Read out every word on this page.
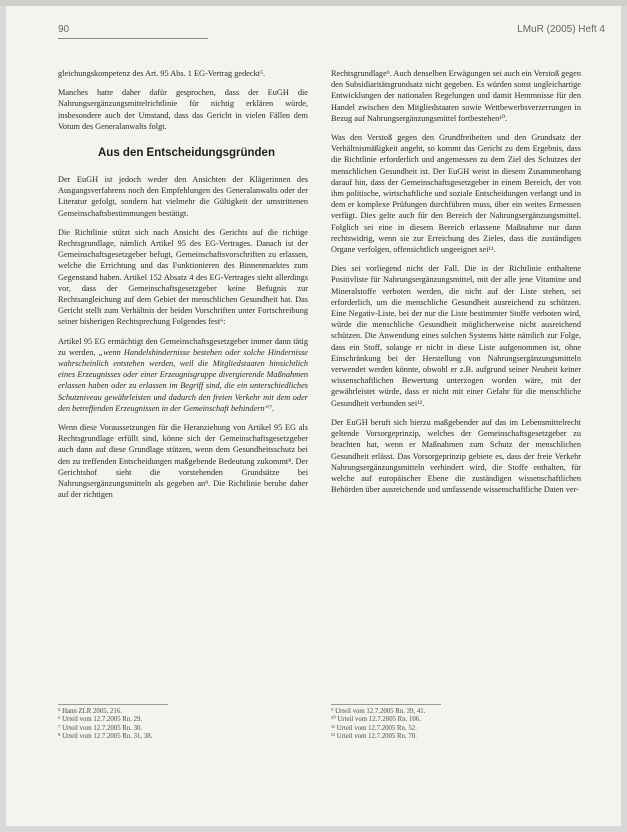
90	LMuR (2005) Heft 4

gleichungskompetenz des Art. 95 Abs. 1 EG-Vertrag gedeckt⁵.

Manches hatte daher dafür gesprochen, dass der EuGH die Nahrungsergänzungsmittelrichtlinie für nichtig erklären würde, insbesondere auch der Umstand, dass das Gericht in vielen Fällen dem Votum des Generalanwalts folgt.

Aus den Entscheidungsgründen

Der EuGH ist jedoch weder den Ansichten der Klägerinnen des Ausgangsverfahrens noch den Empfehlungen des Generalanwalts oder der Literatur gefolgt, sondern hat vielmehr die Gültigkeit der umstrittenen Gemeinschaftsbestimmungen bestätigt.

Die Richtlinie stützt sich nach Ansicht des Gerichts auf die richtige Rechtsgrundlage, nämlich Artikel 95 des EG-Vertrages. Danach ist der Gemeinschaftsgesetzgeber befugt, Gemeinschaftsvorschriften zu erlassen, welche die Errichtung und das Funktionieren des Binnenmarktes zum Gegenstand haben. Artikel 152 Absatz 4 des EG-Vertrages sieht allerdings vor, dass der Gemeinschaftsgesetzgeber keine Befugnis zur Rechtsangleichung auf dem Gebiet der menschlichen Gesundheit hat. Das Gericht stellt zum Verhältnis der beiden Vorschriften unter Fortschreibung seiner bisherigen Rechtsprechung Folgendes fest⁶:

Artikel 95 EG ermächtigt den Gemeinschaftsgesetzgeber immer dann tätig zu werden, „wenn Handelshindernisse bestehen oder solche Hindernisse wahrscheinlich entstehen werden, weil die Mitgliedstaaten hinsichtlich eines Erzeugnisses oder einer Erzeugnisgruppe divergierende Maßnahmen erlassen haben oder zu erlassen im Begriff sind, die ein unterschiedliches Schutzniveau gewährleisten und dadurch den freien Verkehr mit dem oder den betreffenden Erzeugnissen in der Gemeinschaft behindern“⁷.

Wenn diese Voraussetzungen für die Heranziehung von Artikel 95 EG als Rechtsgrundlage erfüllt sind, könne sich der Gemeinschaftsgesetzgeber auch dann auf diese Grundlage stützen, wenn dem Gesundheitsschutz bei den zu treffenden Entscheidungen maßgebende Bedeutung zukommt⁸. Der Gerichtshof sieht die vorstehenden Grundsätze bei Nahrungsergänzungsmitteln als gegeben an⁹. Die Richtlinie beruhe daher auf der richtigen

Rechtsgrundlage⁹. Auch denselben Erwägungen sei auch ein Verstoß gegen den Subsidiaritätsgrundsatz nicht gegeben. Es würden sonst ungleichartige Entwicklungen der nationalen Regelungen und damit Hemmnisse für den Handel zwischen den Mitgliedstaaten sowie Wettbewerbsverzerrungen in Bezug auf Nahrungsergänzungsmittel fortbestehen¹⁰.

Was den Verstoß gegen den Grundfreiheiten und den Grundsatz der Verhältnismäßigkeit angeht, so kommt das Gericht zu dem Ergebnis, dass die Richtlinie erforderlich und angemessen zu dem Ziel des Schutzes der menschlichen Gesundheit ist. Der EuGH weist in diesem Zusammenhang darauf hin, dass der Gemeinschaftsgesetzgeber in einem Bereich, der von ihm politische, wirtschaftliche und soziale Entscheidungen verlangt und in dem er komplexe Prüfungen durchführen muss, über ein weites Ermessen verfügt. Dies gelte auch für den Bereich der Nahrungsergänzungsmittel. Folglich sei eine in diesem Bereich erlassene Maßnahme nur dann rechtswidrig, wenn sie zur Erreichung des Zieles, dass die zuständigen Organe verfolgen, offensichtlich ungeeignet sei¹¹.

Dies sei vorliegend nicht der Fall. Die in der Richtlinie enthaltene Positivliste für Nahrungsergänzungsmittel, mit der alle jene Vitamine und Mineralstoffe verboten werden, die nicht auf der Liste stehen, sei erforderlich, um die menschliche Gesundheit ausreichend zu schützen. Eine Negativ-Liste, bei der nur die Liste bestimmter Stoffe verboten wird, würde die menschliche Gesundheit möglicherweise nicht ausreichend schützen. Die Anwendung eines solchen Systems hätte nämlich zur Folge, dass ein Stoff, solange er nicht in diese Liste aufgenommen ist, ohne Einschränkung bei der Herstellung von Nahrungsergänzungsmitteln verwendet werden könnte, obwohl er z.B. aufgrund seiner Neuheit keiner wissenschaftlichen Bewertung unterzogen worden wäre, mit der gewährleistet würde, dass er nicht mit einer Gefahr für die menschliche Gesundheit verbunden sei¹².

Der EuGH beruft sich hierzu maßgebender auf das im Lebensmittelrecht geltende Vorsorgeprinzip, welches der Gemeinschaftsgesetzgeber zu beachten hat, wenn er Maßnahmen zum Schutz der menschlichen Gesundheit erlässt. Das Vorsorgeprinzip gebiete es, dass der freie Verkehr Nahrungsergänzungsmitteln verhindert wird, die Stoffe enthalten, für welche auf europäischer Ebene die zuständigen wissenschaftlichen Behörden über ausreichende und umfassende wissenschaftliche Daten ver-

⁵ Hann ZLR 2005, 216.
⁶ Urteil vom 12.7.2005 Rn. 29.
⁷ Urteil vom 12.7.2005 Rn. 30.
⁸ Urteil vom 12.7.2005 Rn. 31, 38.
⁹ Urteil vom 12.7.2005 Rn. 39, 41.
¹⁰ Urteil vom 12.7.2005 Rn. 106.
¹¹ Urteil vom 12.7.2005 Rn. 52.
¹² Urteil vom 12.7.2005 Rn. 70.
